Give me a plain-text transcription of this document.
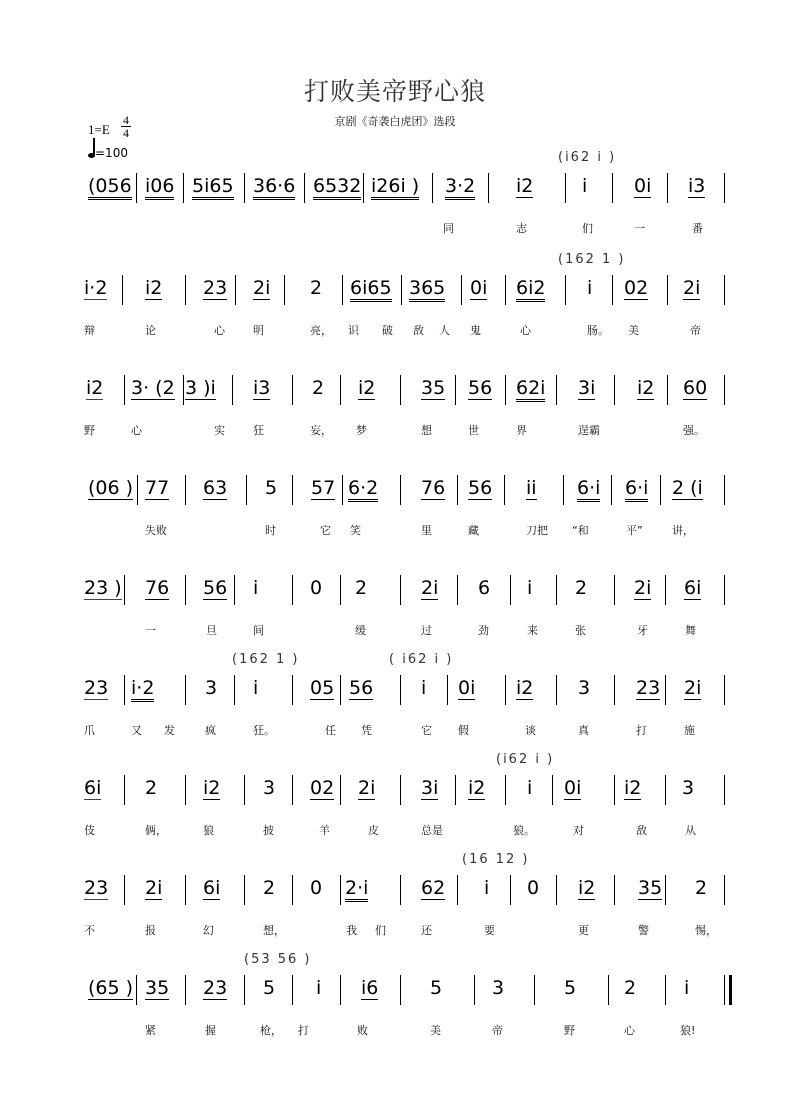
打败美帝野心狼
京剧《奇袭白虎团》选段
1=E
4
4
=100
(056 i06 5i65 36·6 6532 i26i ) 3·2 i2	i 0i i3
同	志	们	一	番
(i62 i )
i·2 i2 23 2i 2 6i65 365 0i 6i2 i 02 2i
辩	论	心	明	亮， 识 破 敌 人 鬼	心	肠。 美	帝
(162 1 )
i2 3· (2 3 )i i3 2 i2 35 56 62i 3i i2 60
野	心	实	狂	妄， 梦	想	世	界	逞霸	强。
(06 ) 77 63 5 57 6·2 76 56 ii 6·i 6·i 2 (i
失败	时	它 笑	里	藏	刀把 “和	平”	讲，
23 ) 76 56 i	0 2	2i 6 i 2 2i 6i
一	旦	间	缓	过	劲	来	张	牙	舞
23 i·2	3 i	05 56	i 0i i2 3 23 2i
爪	又 发	疯	狂。	任 凭	它 假	谈	真	打	施
(162 1 )	( i62 i )
6i 2 i2 3 02 2i 3i i2 i 0i i2 3
伎	俩，	狼	披	羊	皮	总是	狼。	对	敌	从
(i62 i )
(16 12 )
23 2i 6i 2 0 2·i	62 i 0 i2 35 2
不	报	幻	想，	我 们	还	要	更	警	惕，
(65 ) 35 23 5 i i6	5	3	5	2	i
紧	握	枪， 打	败	美	帝	野	心	狼!
(53 56 )
